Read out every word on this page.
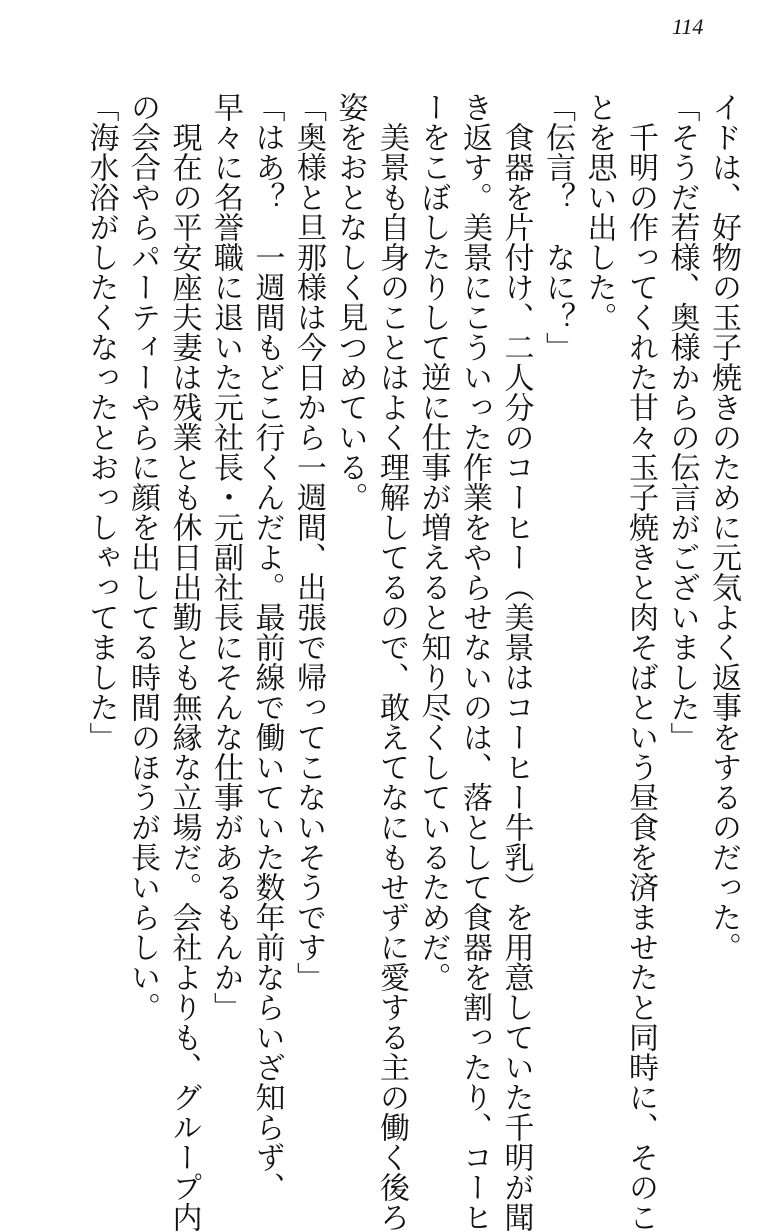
114

イドは、好物の玉子焼きのために元気よく返事をするのだった。

「そうだ若様、奥様からの伝言がございました」

　千明の作ってくれた甘々玉子焼きと肉そばという昼食を済ませたと同時に、そのこ

とを思い出した。

「伝言？　なに？」

　食器を片付け、二人分のコーヒー（美景はコーヒー牛乳）を用意していた千明が聞

き返す。美景にこういった作業をやらせないのは、落として食器を割ったり、コーヒ

ーをこぼしたりして逆に仕事が増えると知り尽くしているためだ。

　美景も自身のことはよく理解してるので、敢えてなにもせずに愛する主の働く後ろ

姿をおとなしく見つめている。

「奥様と旦那様は今日から一週間、出張で帰ってこないそうです」

「はあ？　一週間もどこ行くんだよ。最前線で働いていた数年前ならいざ知らず、

早々に名誉職に退いた元社長・元副社長にそんな仕事があるもんか」

　現在の平安座夫妻は残業とも休日出勤とも無縁な立場だ。会社よりも、グループ内

の会合やらパーティーやらに顔を出してる時間のほうが長いらしい。

「海水浴がしたくなったとおっしゃってました」
